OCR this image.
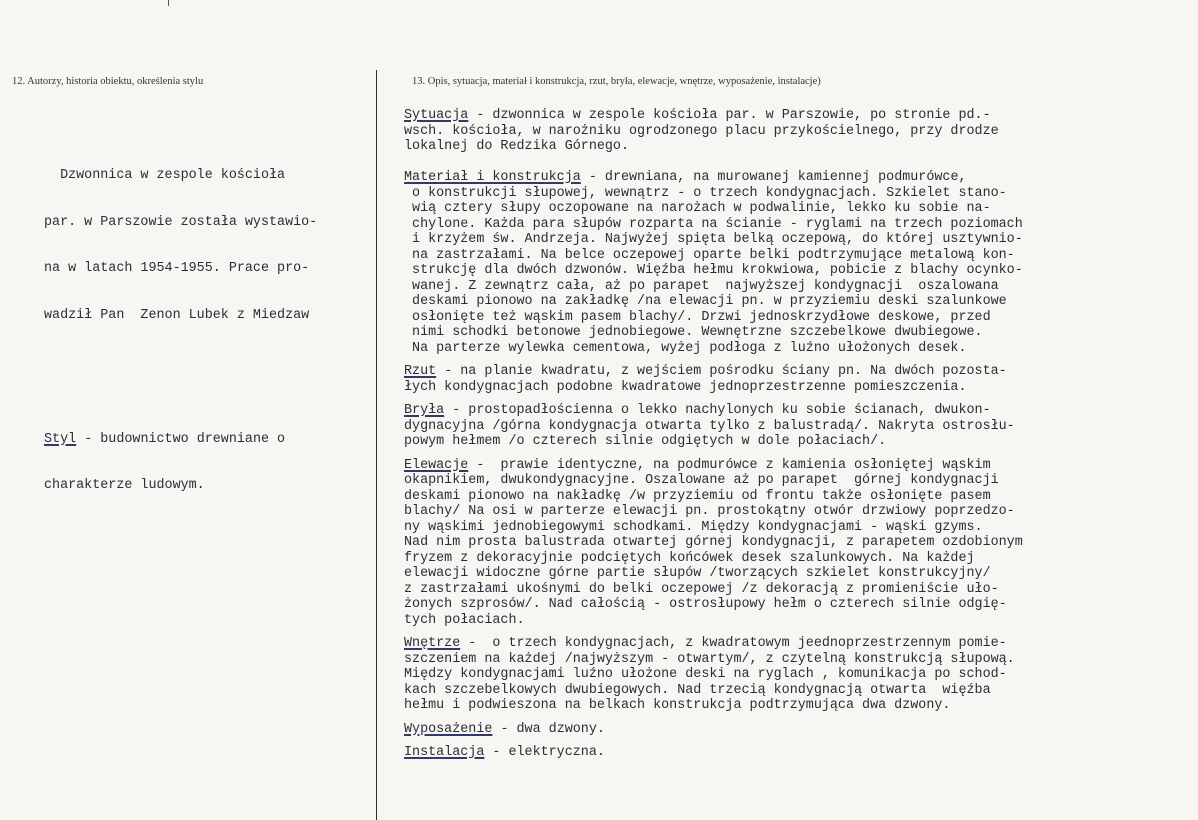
12. Autorzy, historia obiektu, określenia stylu	13. Opis, sytuacja, materiał i konstrukcja, rzut, bryła, elewacje, wnętrze, wyposażenie, instalacje)

Dzwonnica w zespole kościoła

par. w Parszowie została wystawio-

na w latach 1954-1955. Prace pro-

wadził Pan  Zenon Lubek z Miedzaw

Styl - budownictwo drewniane o

charakterze ludowym.

Sytuacja - dzwonnica w zespole kościoła par. w Parszowie, po stronie pd.-
wsch. kościoła, w narożniku ogrodzonego placu przykościelnego, przy drodze
lokalnej do Redzika Górnego.
Materiał i konstrukcja - drewniana, na murowanej kamiennej podmurówce,
o konstrukcji słupowej, wewnątrz - o trzech kondygnacjach. Szkielet stano-
wią cztery słupy oczopowane na narożach w podwalinie, lekko ku sobie na-
chylone. Każda para słupów rozparta na ścianie - ryglami na trzech poziomach
i krzyżem św. Andrzeja. Najwyżej spięta belką oczepową, do której usztywnio-
na zastrzałami. Na belce oczepowej oparte belki podtrzymujące metalową kon-
strukcję dla dwóch dzwonów. Więźba hełmu krokwiowa, pobicie z blachy ocynko-
wanej. Z zewnątrz cała, aż po parapet  najwyższej kondygnacji  oszalowana
deskami pionowo na zakładkę /na elewacji pn. w przyziemiu deski szalunkowe
osłonięte też wąskim pasem blachy/. Drzwi jednoskrzydłowe deskowe, przed
nimi schodki betonowe jednobiegowe. Wewnętrzne szczebelkowe dwubiegowe.
Na parterze wylewka cementowa, wyżej podłoga z luźno ułożonych desek.
Rzut - na planie kwadratu, z wejściem pośrodku ściany pn. Na dwóch pozosta-
łych kondygnacjach podobne kwadratowe jednoprzestrzenne pomieszczenia.
Bryła - prostopadłościenna o lekko nachylonych ku sobie ścianach, dwukon-
dygnacyjna /górna kondygnacja otwarta tylko z balustradą/. Nakryta ostrosłu-
powym hełmem /o czterech silnie odgiętych w dole połaciach/.
Elewacje -  prawie identyczne, na podmurówce z kamienia osłoniętej wąskim
okapnikiem, dwukondygnacyjne. Oszalowane aż po parapet  górnej kondygnacji
deskami pionowo na nakładkę /w przyziemiu od frontu także osłonięte pasem
blachy/ Na osi w parterze elewacji pn. prostokątny otwór drzwiowy poprzedzo-
ny wąskimi jednobiegowymi schodkami. Między kondygnacjami - wąski gzyms.
Nad nim prosta balustrada otwartej górnej kondygnacji, z parapetem ozdobionym
fryzem z dekoracyjnie podciętych końcówek desek szalunkowych. Na każdej
elewacji widoczne górne partie słupów /tworzących szkielet konstrukcyjny/
z zastrzałami ukośnymi do belki oczepowej /z dekoracją z promieniście uło-
żonych szprosów/. Nad całością - ostrosłupowy hełm o czterech silnie odgię-
tych połaciach.
Wnętrze -  o trzech kondygnacjach, z kwadratowym jeednoprzestrzennym pomie-
szczeniem na każdej /najwyższym - otwartym/, z czytelną konstrukcją słupową.
Między kondygnacjami luźno ułożone deski na ryglach , komunikacja po schod-
kach szczebelkowych dwubiegowych. Nad trzecią kondygnacją otwarta  więźba
hełmu i podwieszona na belkach konstrukcja podtrzymująca dwa dzwony.
Wyposażenie - dwa dzwony.
Instalacja - elektryczna.
